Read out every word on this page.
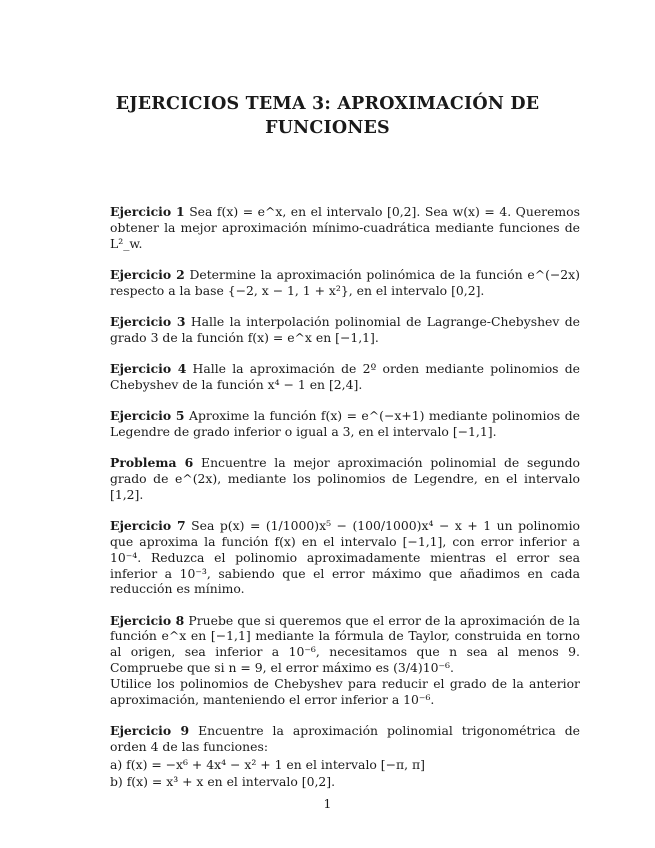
EJERCICIOS TEMA 3: APROXIMACIÓN DE
FUNCIONES

Ejercicio 1 Sea f(x) = e^x, en el intervalo [0,2]. Sea w(x) = 4. Queremos obtener la mejor aproximación mínimo-cuadrática mediante funciones de L²_w.

Ejercicio 2 Determine la aproximación polinómica de la función e^(−2x) respecto a la base {−2, x − 1, 1 + x²}, en el intervalo [0,2].

Ejercicio 3 Halle la interpolación polinomial de Lagrange-Chebyshev de grado 3 de la función f(x) = e^x en [−1,1].

Ejercicio 4 Halle la aproximación de 2º orden mediante polinomios de Chebyshev de la función x⁴ − 1 en [2,4].

Ejercicio 5 Aproxime la función f(x) = e^(−x+1) mediante polinomios de Legendre de grado inferior o igual a 3, en el intervalo [−1,1].

Problema 6 Encuentre la mejor aproximación polinomial de segundo grado de e^(2x), mediante los polinomios de Legendre, en el intervalo [1,2].

Ejercicio 7 Sea p(x) = (1/1000)x⁵ − (100/1000)x⁴ − x + 1 un polinomio que aproxima la función f(x) en el intervalo [−1,1], con error inferior a 10⁻⁴. Reduzca el polinomio aproximadamente mientras el error sea inferior a 10⁻³, sabiendo que el error máximo que añadimos en cada reducción es mínimo.

Ejercicio 8 Pruebe que si queremos que el error de la aproximación de la función e^x en [−1,1] mediante la fórmula de Taylor, construida en torno al origen, sea inferior a 10⁻⁶, necesitamos que n sea al menos 9. Compruebe que si n = 9, el error máximo es (3/4)10⁻⁶.

Utilice los polinomios de Chebyshev para reducir el grado de la anterior aproximación, manteniendo el error inferior a 10⁻⁶.

Ejercicio 9 Encuentre la aproximación polinomial trigonométrica de orden 4 de las funciones:

a) f(x) = −x⁶ + 4x⁴ − x² + 1 en el intervalo [−π, π]

b) f(x) = x³ + x en el intervalo [0,2].

1
